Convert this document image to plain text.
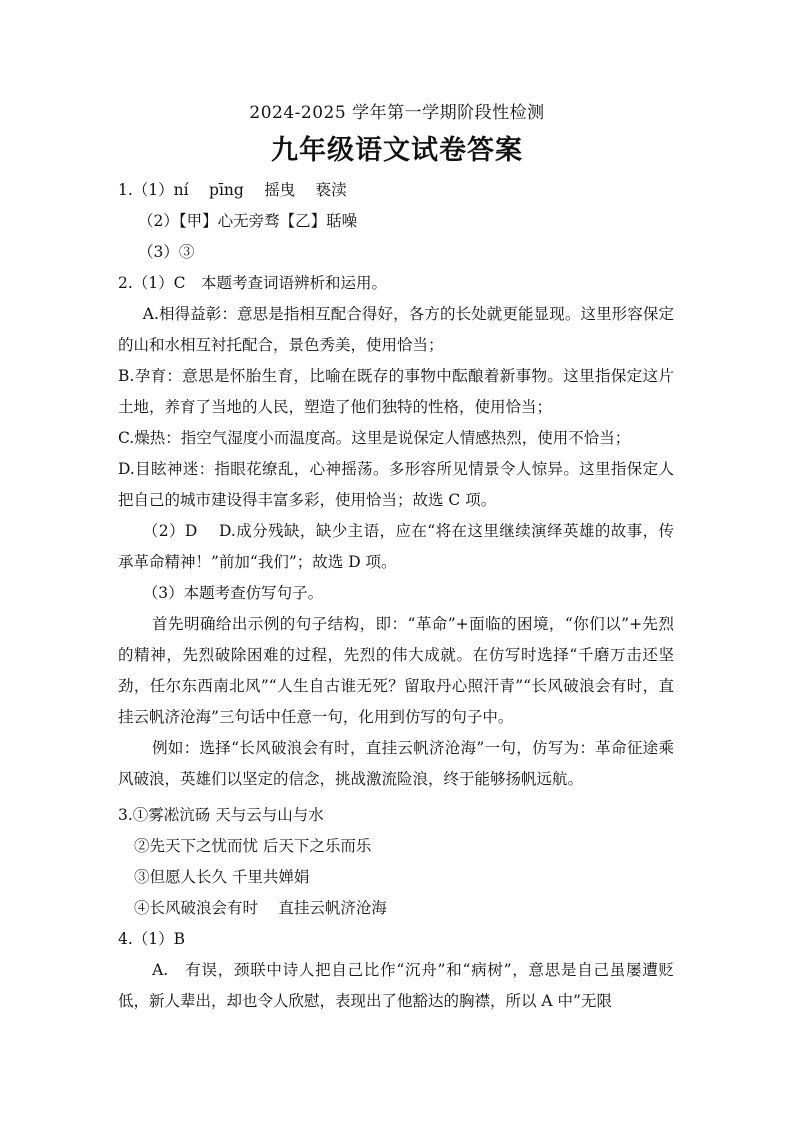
2024-2025 学年第一学期阶段性检测
九年级语文试卷答案
1.（1）ní　 pīng　 摇曳　 亵渎
（2）【甲】心无旁骛【乙】聒噪
（3）③
2.（1）C　本题考查词语辨析和运用。
A.相得益彰：意思是指相互配合得好，各方的长处就更能显现。这里形容保定的山和水相互衬托配合，景色秀美，使用恰当；
B.孕育：意思是怀胎生育，比喻在既存的事物中酝酿着新事物。这里指保定这片土地，养育了当地的人民，塑造了他们独特的性格，使用恰当；
C.燥热：指空气湿度小而温度高。这里是说保定人情感热烈，使用不恰当；
D.目眩神迷：指眼花缭乱，心神摇荡。多形容所见情景令人惊异。这里指保定人把自己的城市建设得丰富多彩，使用恰当；故选 C 项。
（2）D　 D.成分残缺，缺少主语，应在“将在这里继续演绎英雄的故事，传承革命精神！”前加“我们”；故选 D 项。
（3）本题考查仿写句子。
首先明确给出示例的句子结构，即：“革命”+面临的困境，“你们以”+先烈的精神，先烈破除困难的过程，先烈的伟大成就。在仿写时选择“千磨万击还坚劲，任尔东西南北风”“人生自古谁无死？留取丹心照汗青”“长风破浪会有时，直挂云帆济沧海”三句话中任意一句，化用到仿写的句子中。
例如：选择“长风破浪会有时，直挂云帆济沧海”一句，仿写为：革命征途乘风破浪，英雄们以坚定的信念，挑战激流险浪，终于能够扬帆远航。
3.①雾凇沆砀 天与云与山与水
②先天下之忧而忧 后天下之乐而乐
③但愿人长久 千里共婵娟
④长风破浪会有时　 直挂云帆济沧海
4.（1）B
A.　有误，颈联中诗人把自己比作“沉舟”和“病树”，意思是自己虽屡遭贬低，新人辈出，却也令人欣慰，表现出了他豁达的胸襟，所以 A 中”无限
